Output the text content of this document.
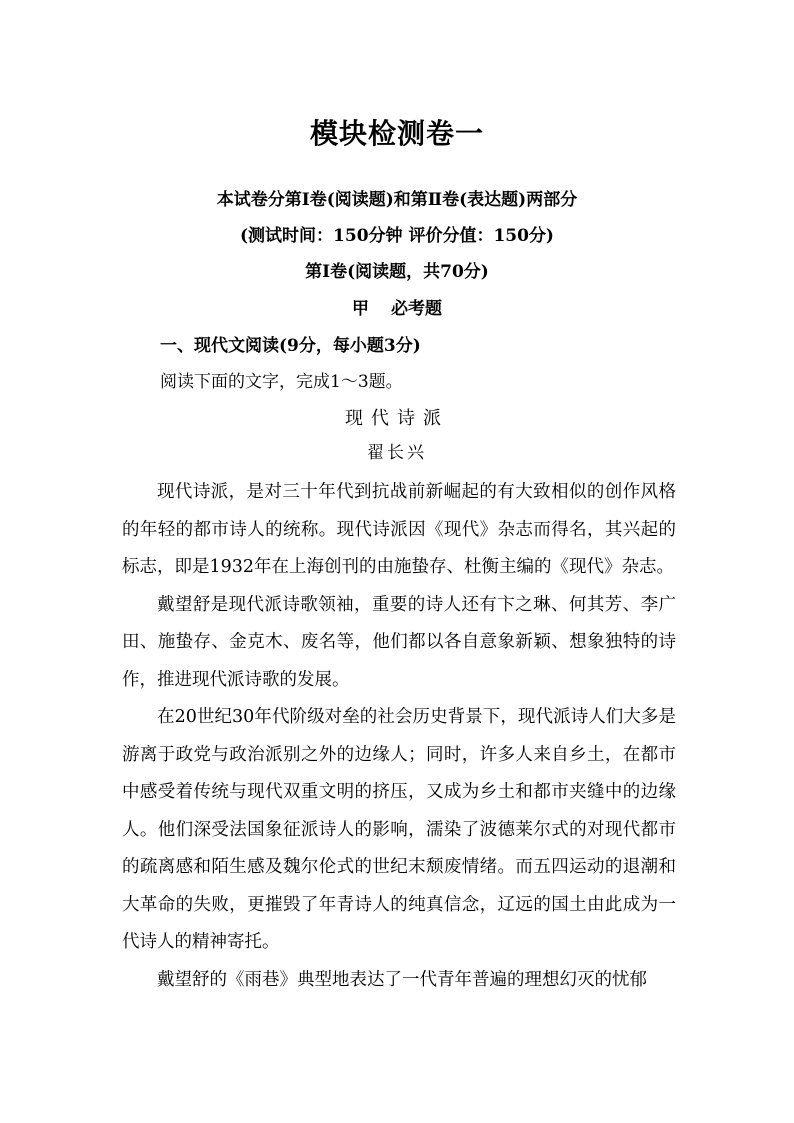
模块检测卷一
本试卷分第Ⅰ卷(阅读题)和第Ⅱ卷(表达题)两部分
(测试时间：150分钟 评价分值：150分)
第Ⅰ卷(阅读题，共70分)
甲 必考题
一、现代文阅读(9分，每小题3分)
阅读下面的文字，完成1～3题。
现代诗派
翟长兴

现代诗派，是对三十年代到抗战前新崛起的有大致相似的创作风格的年轻的都市诗人的统称。现代诗派因《现代》杂志而得名，其兴起的标志，即是1932年在上海创刊的由施蛰存、杜衡主编的《现代》杂志。

戴望舒是现代派诗歌领袖，重要的诗人还有卞之琳、何其芳、李广田、施蛰存、金克木、废名等，他们都以各自意象新颖、想象独特的诗作，推进现代派诗歌的发展。

在20世纪30年代阶级对垒的社会历史背景下，现代派诗人们大多是游离于政党与政治派别之外的边缘人；同时，许多人来自乡土，在都市中感受着传统与现代双重文明的挤压，又成为乡土和都市夹缝中的边缘人。他们深受法国象征派诗人的影响，濡染了波德莱尔式的对现代都市的疏离感和陌生感及魏尔伦式的世纪末颓废情绪。而五四运动的退潮和大革命的失败，更摧毁了年青诗人的纯真信念，辽远的国土由此成为一代诗人的精神寄托。

戴望舒的《雨巷》典型地表达了一代青年普遍的理想幻灭的忧郁
